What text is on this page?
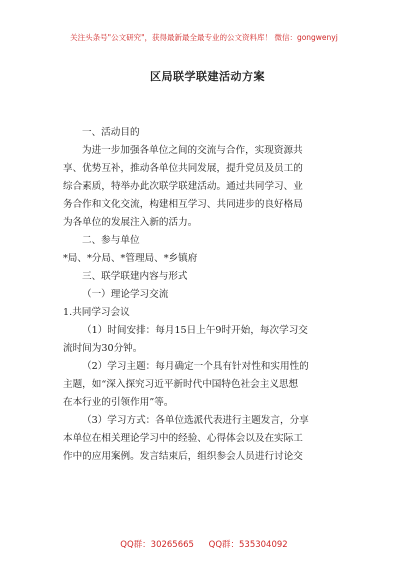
关注头条号"公文研究"，获得最新最全最专业的公文资料库！ 微信：gongwenyj

区局联学联建活动方案

一、活动目的

为进一步加强各单位之间的交流与合作，实现资源共

享、优势互补，推动各单位共同发展，提升党员及员工的

综合素质，特举办此次联学联建活动。通过共同学习、业

务合作和文化交流，构建相互学习、共同进步的良好格局

为各单位的发展注入新的活力。

二、参与单位

*局、*分局、*管理局、*乡镇府

三、联学联建内容与形式

（一）理论学习交流

1.共同学习会议

（1）时间安排：每月15日上午9时开始，每次学习交

流时间为30分钟。

（2）学习主题：每月确定一个具有针对性和实用性的

主题，如“深入探究习近平新时代中国特色社会主义思想

在本行业的引领作用”等。

（3）学习方式：各单位选派代表进行主题发言，分享

本单位在相关理论学习中的经验、心得体会以及在实际工

作中的应用案例。发言结束后，组织参会人员进行讨论交

QQ群：30265665 QQ群：535304092
